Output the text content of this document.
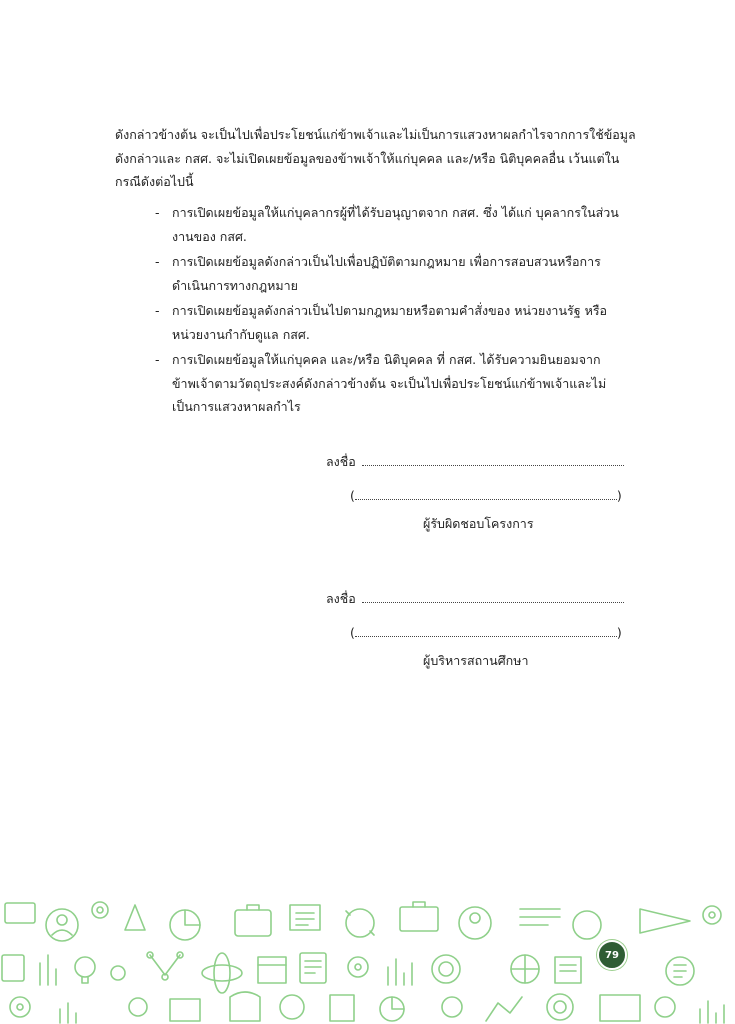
ดังกล่าวข้างต้น จะเป็นไปเพื่อประโยชน์แก่ข้าพเจ้าและไม่เป็นการแสวงหาผลกำไรจากการใช้ข้อมูล
ดังกล่าวและ กสศ. จะไม่เปิดเผยข้อมูลของข้าพเจ้าให้แก่บุคคล และ/หรือ นิติบุคคลอื่น เว้นแต่ใน
กรณีดังต่อไปนี้

- การเปิดเผยข้อมูลให้แก่บุคลากรผู้ที่ได้รับอนุญาตจาก กสศ. ซึ่ง ได้แก่ บุคลากรในส่วน
งานของ กสศ.
- การเปิดเผยข้อมูลดังกล่าวเป็นไปเพื่อปฏิบัติตามกฎหมาย เพื่อการสอบสวนหรือการ
ดำเนินการทางกฎหมาย
- การเปิดเผยข้อมูลดังกล่าวเป็นไปตามกฎหมายหรือตามคำสั่งของ หน่วยงานรัฐ หรือ
หน่วยงานกำกับดูแล กสศ.
- การเปิดเผยข้อมูลให้แก่บุคคล และ/หรือ นิติบุคคล ที่ กสศ. ได้รับความยินยอมจาก
ข้าพเจ้าตามวัตถุประสงค์ดังกล่าวข้างต้น จะเป็นไปเพื่อประโยชน์แก่ข้าพเจ้าและไม่
เป็นการแสวงหาผลกำไร
ลงชื่อ
(	)
ผู้รับผิดชอบโครงการ
ลงชื่อ
(	)
ผู้บริหารสถานศึกษา
79
